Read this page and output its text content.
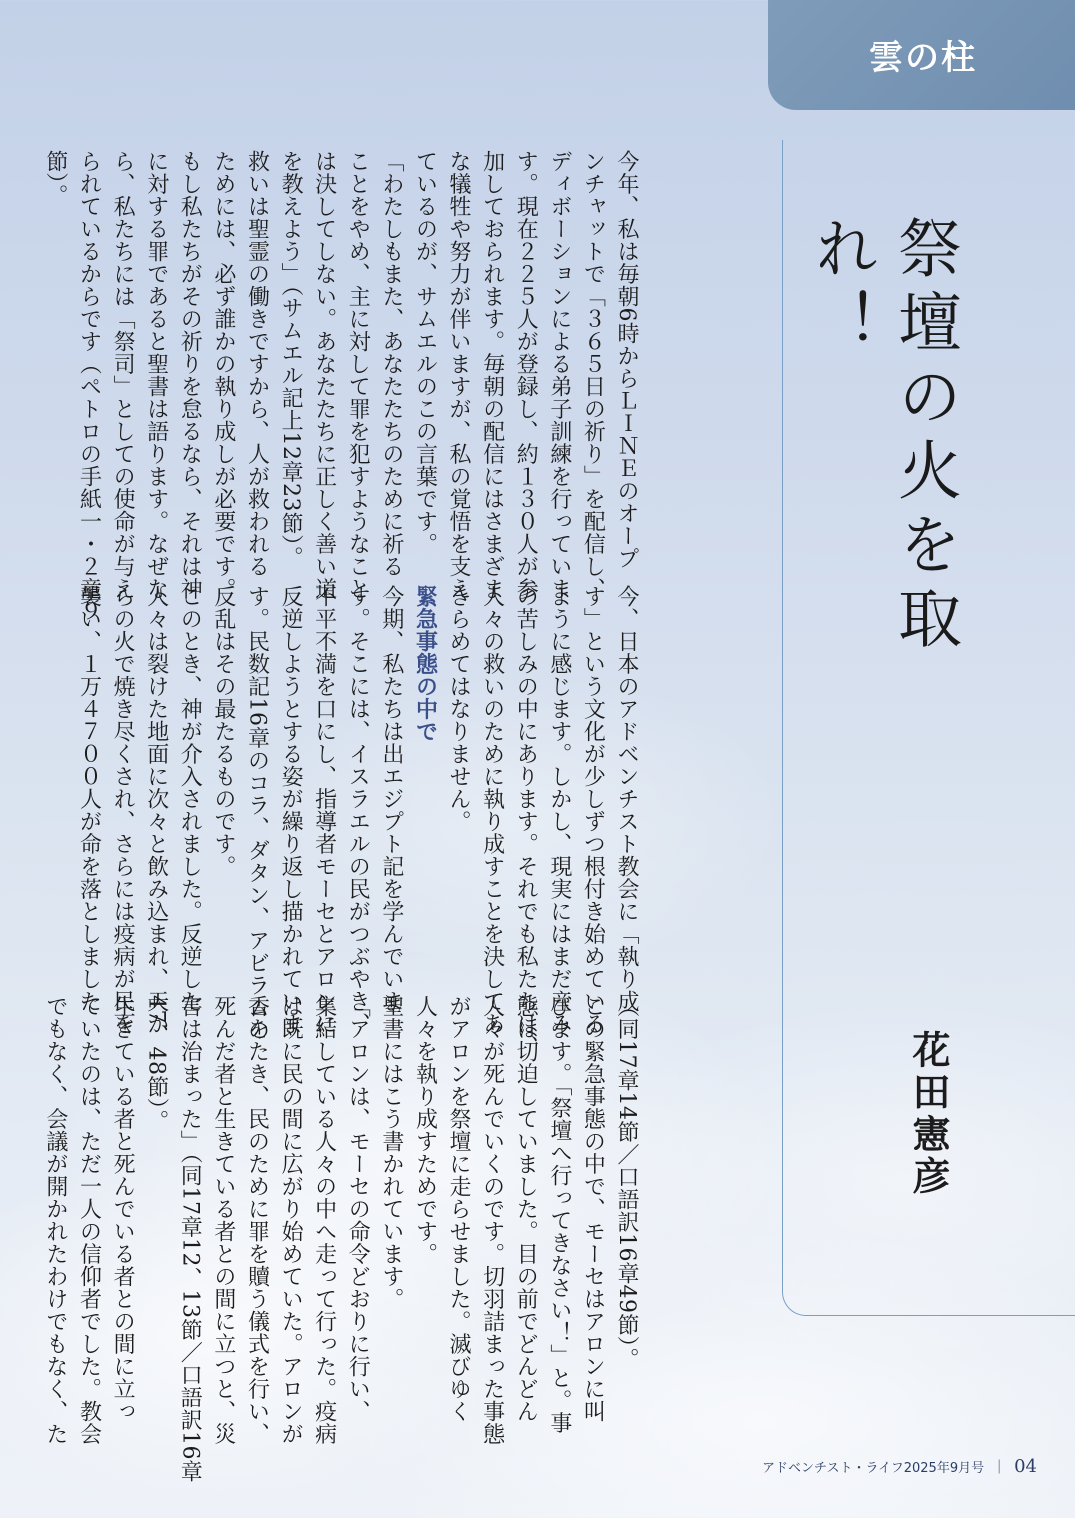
雲の柱
祭壇の火を取れ！
花田憲彦
今年、私は毎朝6時からＬＩＮＥのオープ
ンチャットで「３６５日の祈り」を配信し、
ディボーションによる弟子訓練を行っていま
す。現在２２５人が登録し、約１３０人が参
加しておられます。毎朝の配信にはさまざま
な犠牲や努力が伴いますが、私の覚悟を支え
ているのが、サムエルのこの言葉です。
「わたしもまた、あなたたちのために祈る
ことをやめ、主に対して罪を犯すようなこと
は決してしない。あなたたちに正しく善い道
を教えよう」（サムエル記上12章23節）。
救いは聖霊の働きですから、人が救われる
ためには、必ず誰かの執り成しが必要です。
もし私たちがその祈りを怠るなら、それは神
に対する罪であると聖書は語ります。なぜな
ら、私たちには「祭司」としての使命が与え
られているからです（ペトロの手紙一・２章９
節）。
今、日本のアドベンチスト教会に「執り成
す」という文化が少しずつ根付き始めている
ように感じます。しかし、現実にはまだ産み
の苦しみの中にあります。それでも私たちは、
人々の救いのために執り成すことを決してあ
きらめてはなりません。
緊急事態の中で
今期、私たちは出エジプト記を学んでいま
す。そこには、イスラエルの民がつぶやき、
不平不満を口にし、指導者モーセとアロンに
反逆しようとする姿が繰り返し描かれていま
す。民数記16章のコラ、ダタン、アビラムの
反乱はその最たるものです。
このとき、神が介入されました。反逆した
人々は裂けた地面に次々と飲み込まれ、天か
らの火で焼き尽くされ、さらには疫病が民を
襲い、１万４７００人が命を落としました
（同17章14節／口語訳16章49節）。
この緊急事態の中で、モーセはアロンに叫
びます。「祭壇へ行ってきなさい！」と。事
態は切迫していました。目の前でどんどん
人々が死んでいくのです。切羽詰まった事態
がアロンを祭壇に走らせました。滅びゆく
人々を執り成すためです。
聖書にはこう書かれています。
「アロンは、モーセの命令どおりに行い、
集結している人々の中へ走って行った。疫病
は既に民の間に広がり始めていた。アロンが
香をたき、民のために罪を贖う儀式を行い、
死んだ者と生きている者との間に立つと、災
害は治まった」（同17章12、13節／口語訳16章
47、48節）。
生きている者と死んでいる者との間に立っ
ていたのは、ただ一人の信仰者でした。教会
でもなく、会議が開かれたわけでもなく、た
アドベンチスト・ライフ2025年9月号 ｜ 04
